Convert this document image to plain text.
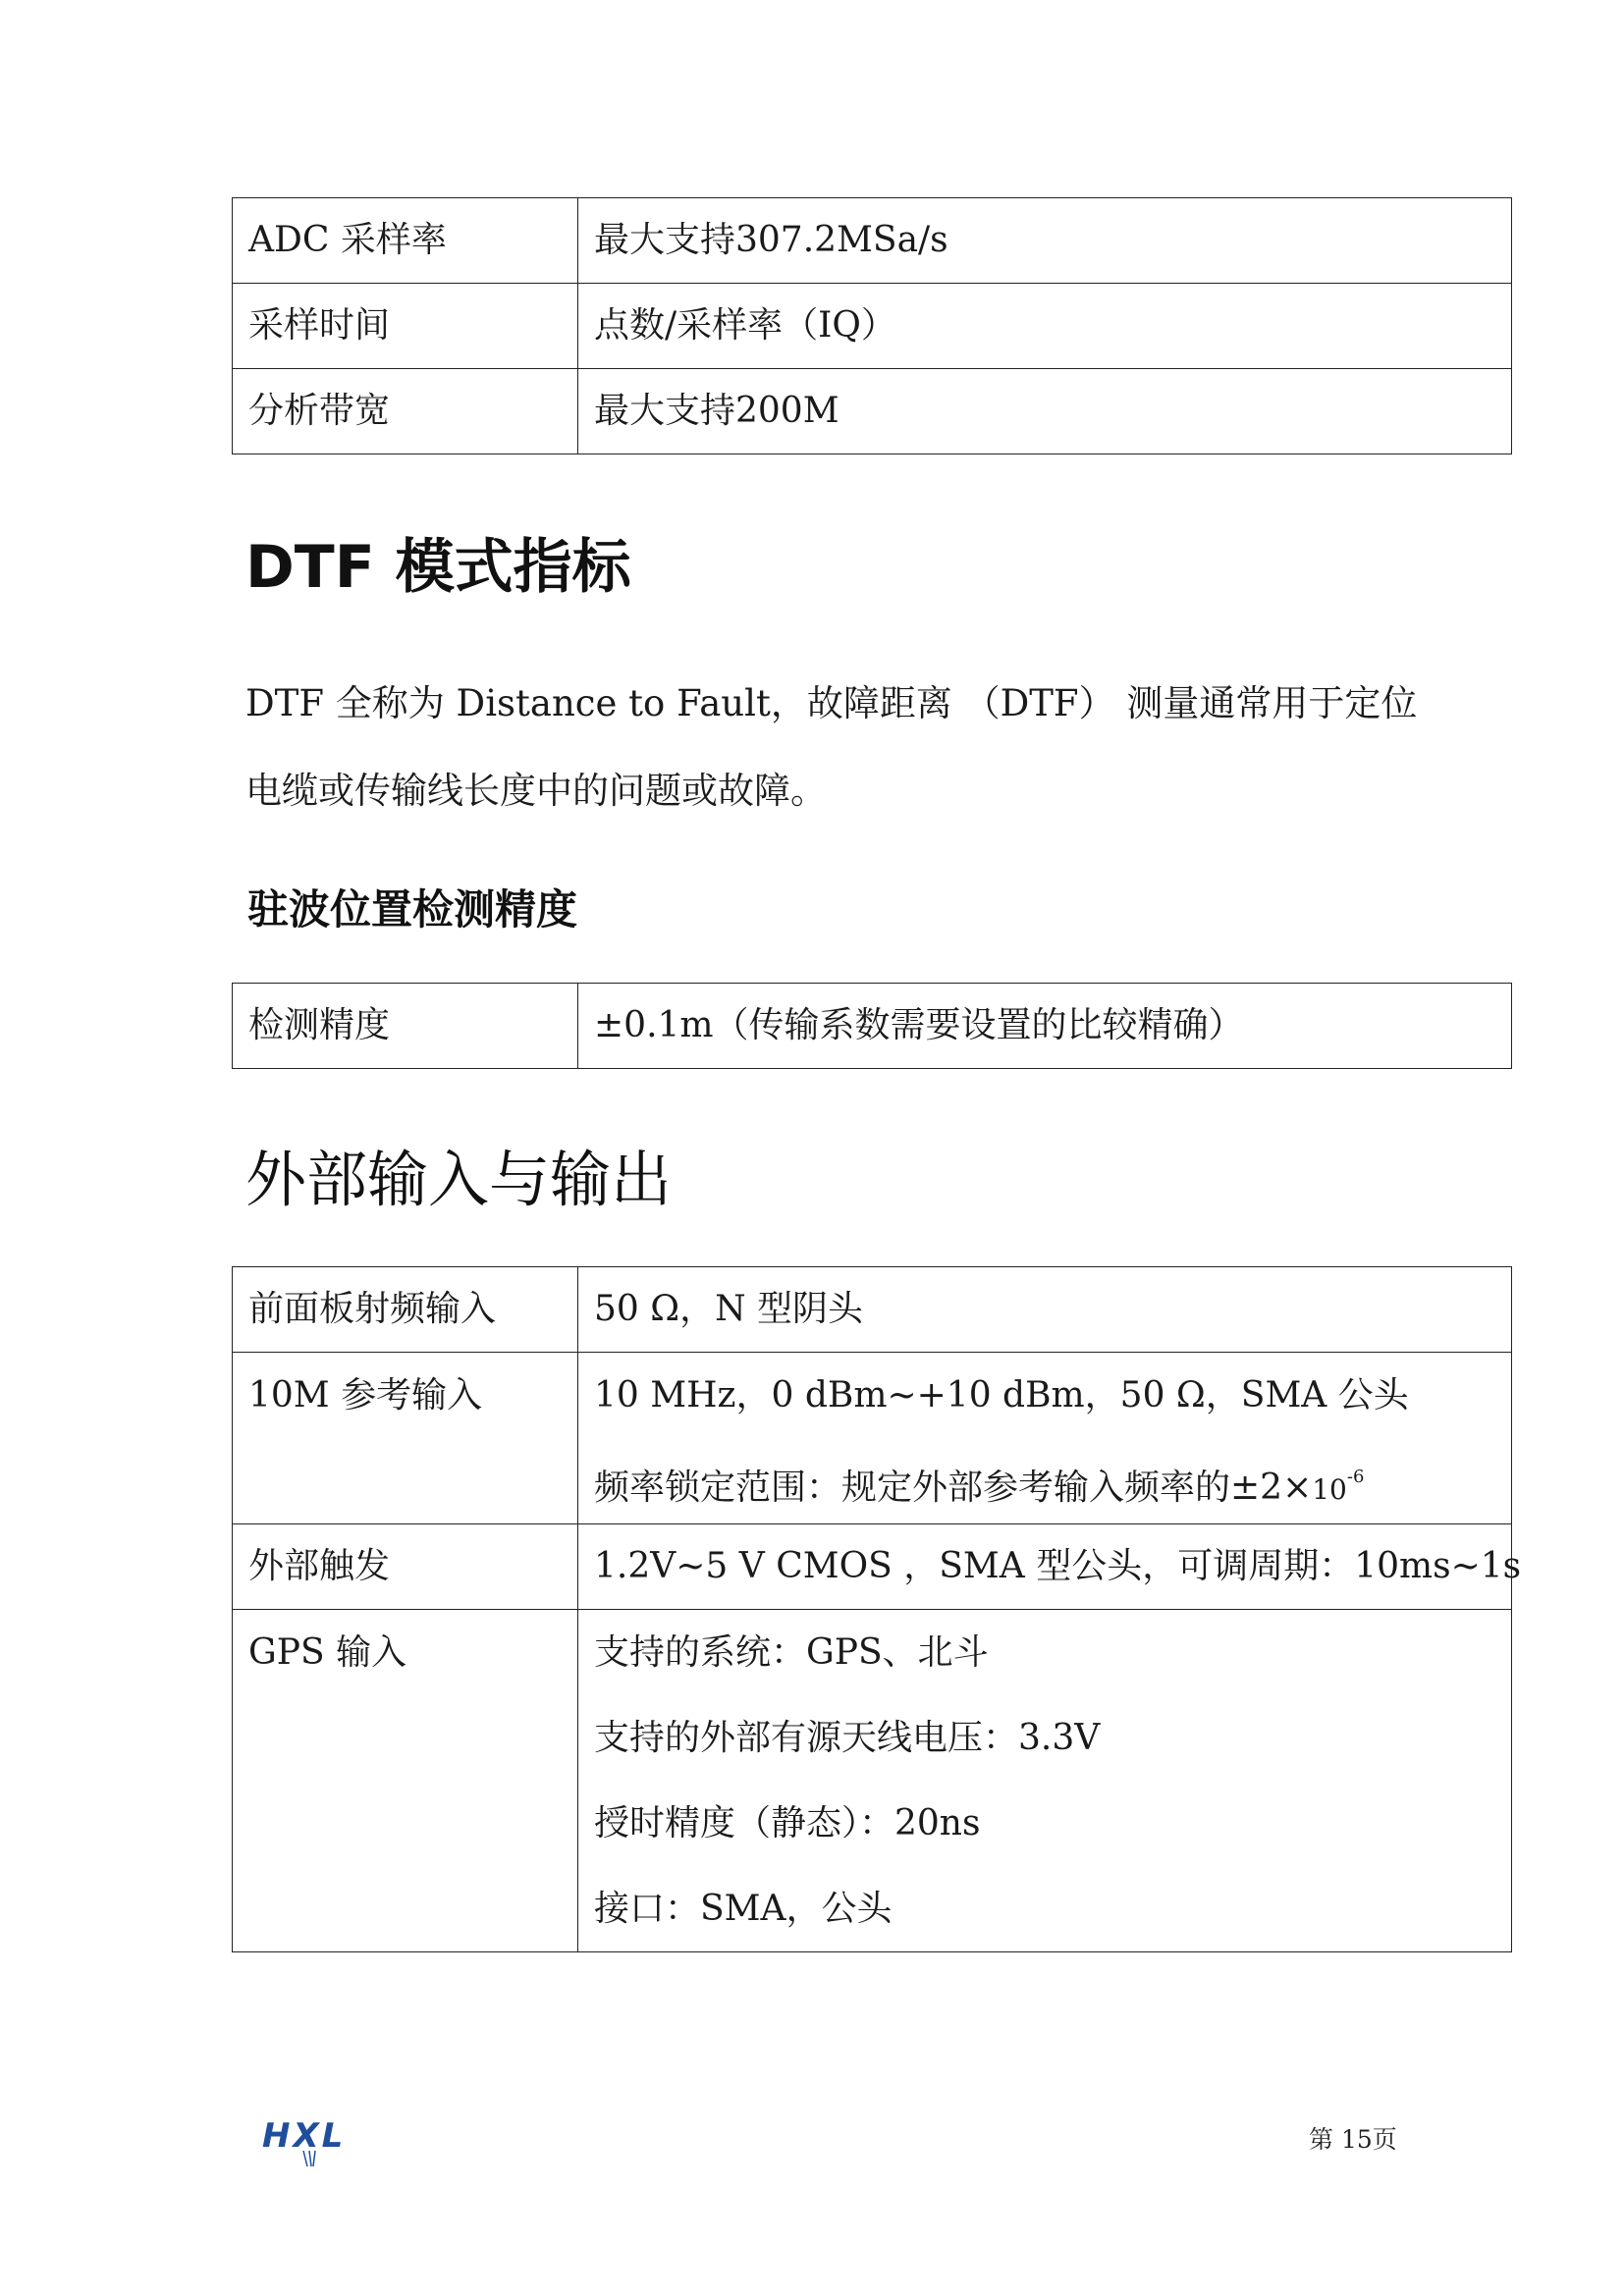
ADC 采样率	最大支持307.2MSa/s
采样时间	点数/采样率（IQ）
分析带宽	最大支持200M
DTF 模式指标
DTF 全称为 Distance to Fault，故障距离 （DTF） 测量通常用于定位
电缆或传输线长度中的问题或故障。
驻波位置检测精度
检测精度	±0.1m（传输系数需要设置的比较精确）
外部输入与输出
前面板射频输入	50 Ω，N 型阴头

10M 参考输入	10 MHz，0 dBm~+10 dBm，50 Ω，SMA 公头
频率锁定范围：规定外部参考输入频率的$\pm 2\times 10^{-6}$

外部触发	1.2V~5 V CMOS ，SMA 型公头，可调周期：10ms~1s

GPS 输入	支持的系统：GPS、北斗
支持的外部有源天线电压：3.3V
授时精度（静态）：20ns
接口：SMA，公头
HXL	第 15页
